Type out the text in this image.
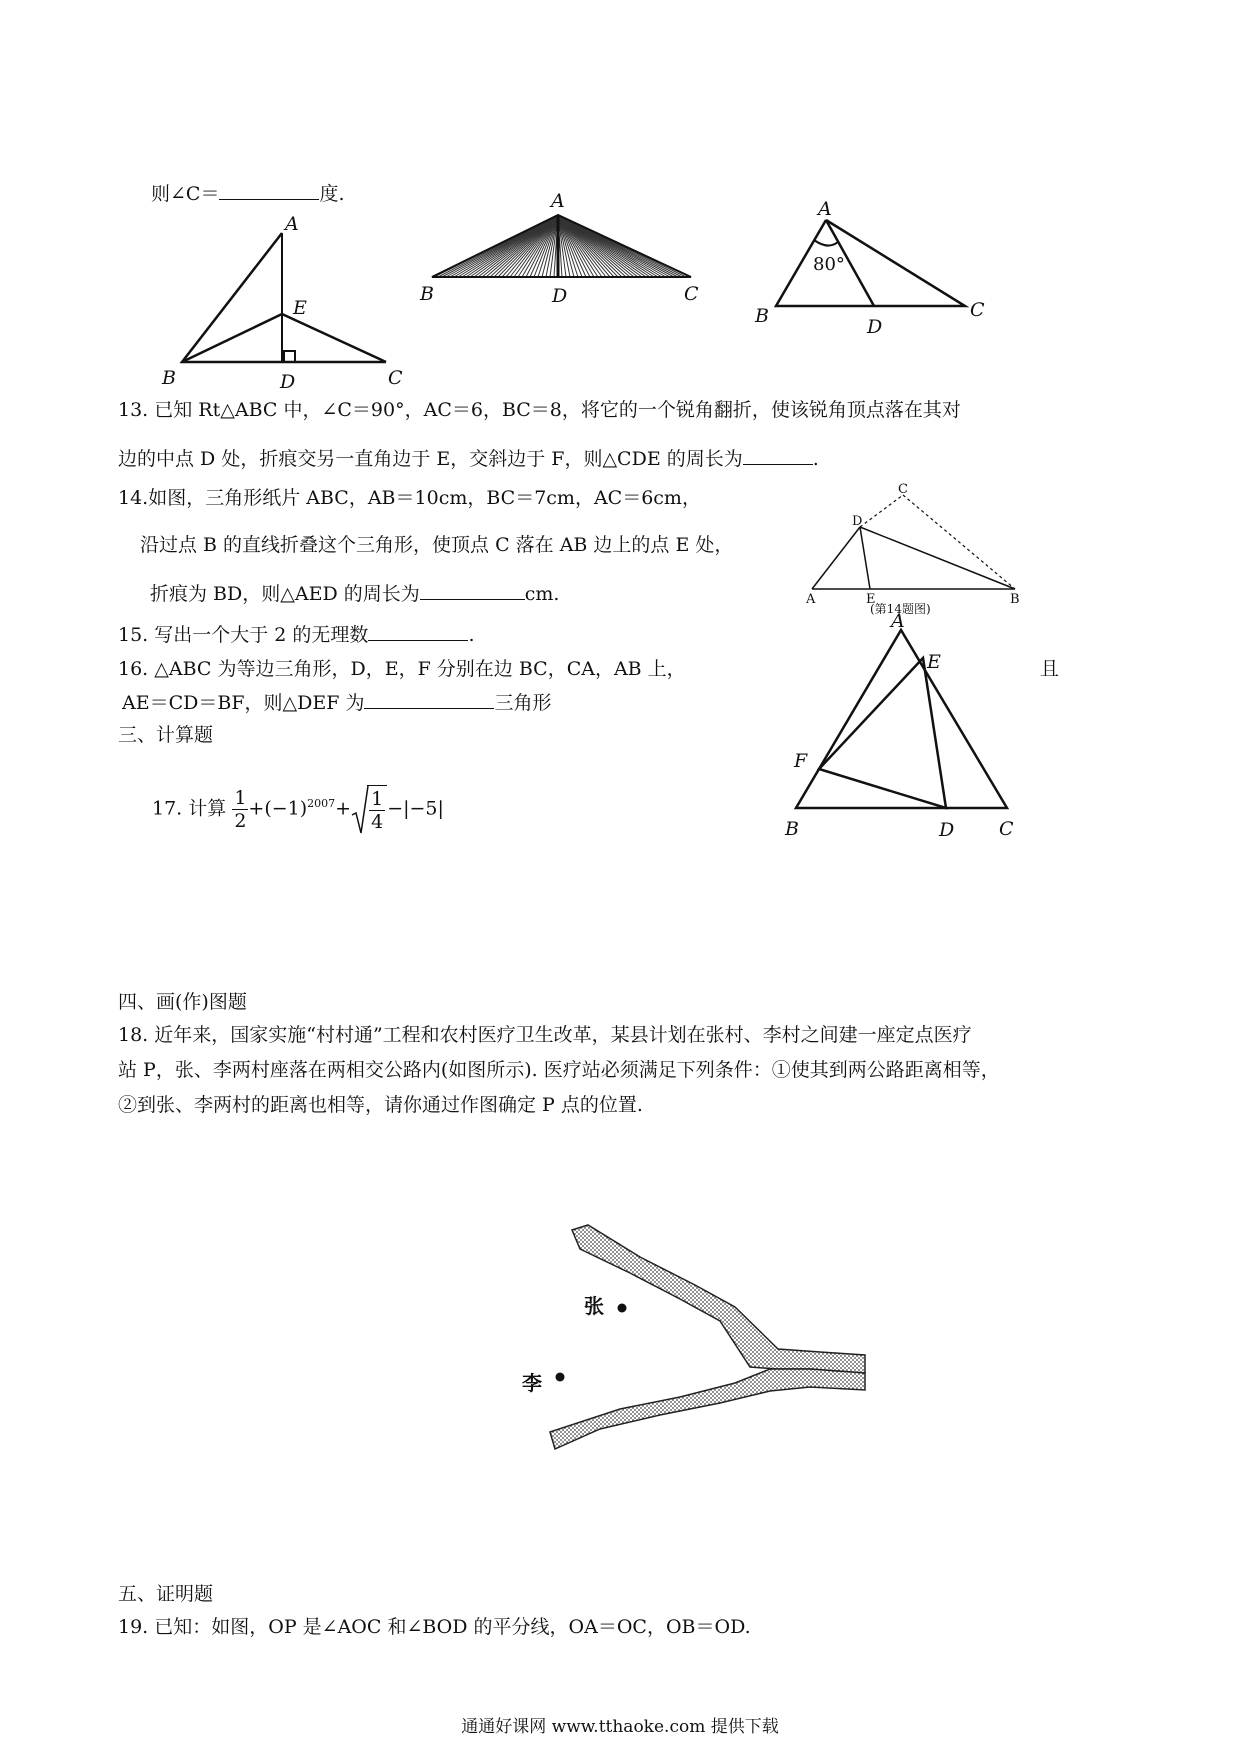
则∠C＝	度.
A
B	C
D
E
A
B	D	C
A
B	C
D
80°
13. 已知 Rt△ABC 中，∠C＝90°，AC＝6，BC＝8，将它的一个锐角翻折，使该锐角顶点落在其对
边的中点 D 处，折痕交另一直角边于 E，交斜边于 F，则△CDE 的周长为	.
14.如图，三角形纸片 ABC，AB＝10cm，BC＝7cm，AC＝6cm，
沿过点 B 的直线折叠这个三角形，使顶点 C 落在 AB 边上的点 E 处，
折痕为 BD，则△AED 的周长为	cm.
C
D
A	E	B
(第14题图)
15. 写出一个大于 2 的无理数	.
16. △ABC 为等边三角形，D，E，F 分别在边 BC，CA，AB 上，	且
AE＝CD＝BF，则△DEF 为	三角形
A
E
F
B	D C
三、计算题
17. 计算 $\frac{1}{2} +(-1)^{2007}+ \frac{1}{4} -|-5|$
四、画(作)图题
18. 近年来，国家实施“村村通”工程和农村医疗卫生改革，某县计划在张村、李村之间建一座定点医疗
站 P，张、李两村座落在两相交公路内(如图所示). 医疗站必须满足下列条件：①使其到两公路距离相等，
②到张、李两村的距离也相等，请你通过作图确定 P 点的位置.
张
李
五、证明题
19. 已知：如图，OP 是∠AOC 和∠BOD 的平分线，OA＝OC，OB＝OD.
通通好课网 www.tthaoke.com 提供下载
